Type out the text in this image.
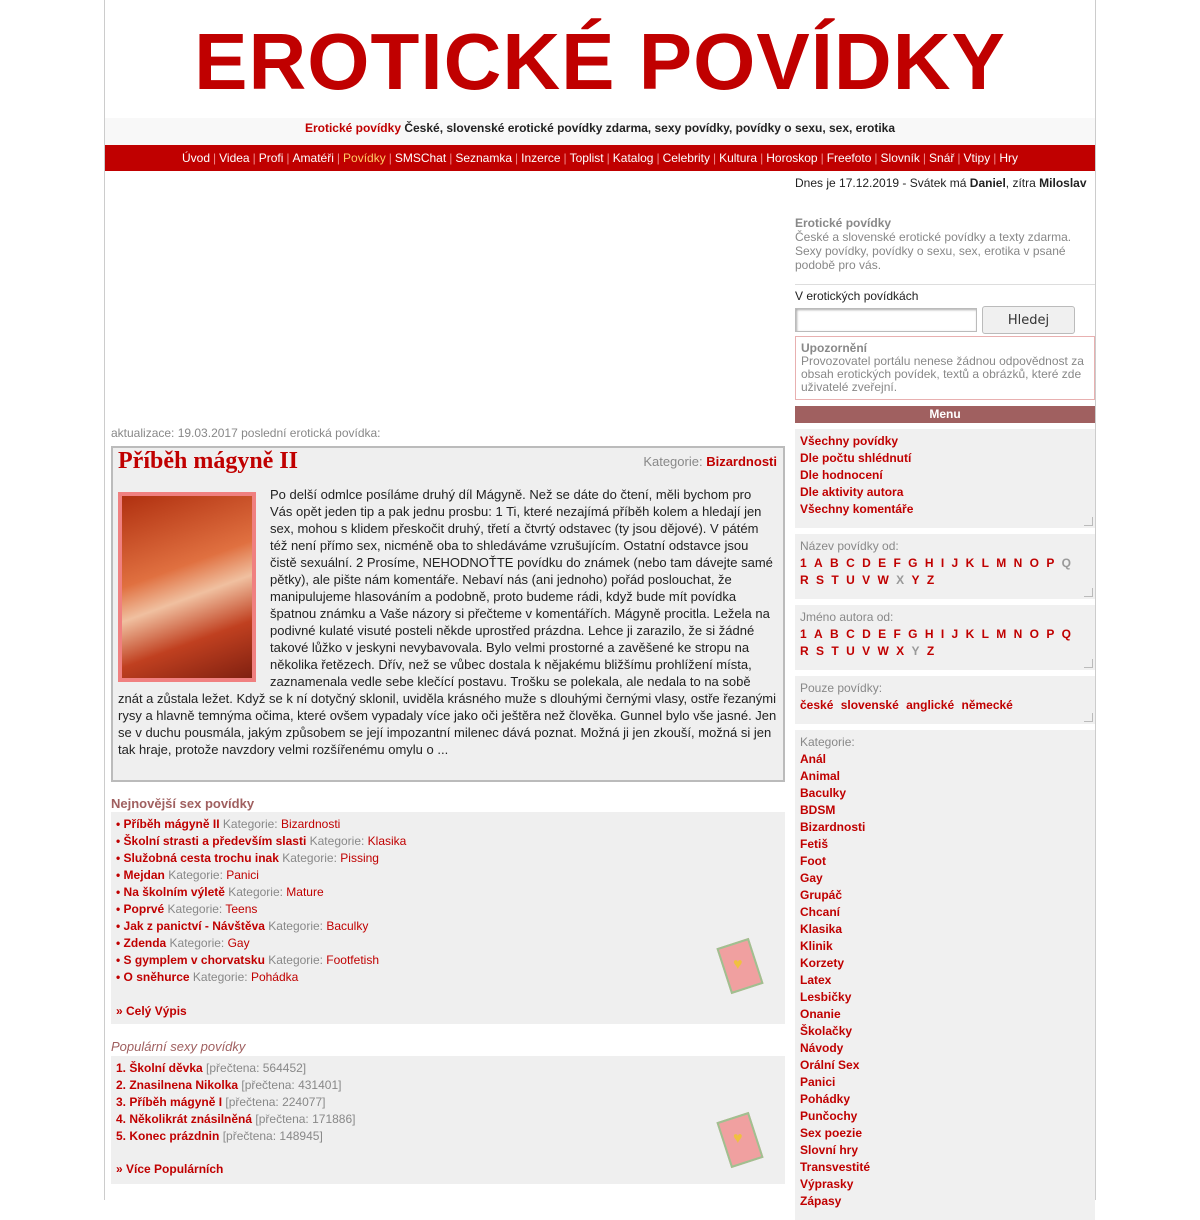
EROTICKÉ POVÍDKY
Erotické povídky České, slovenské erotické povídky zdarma, sexy povídky, povídky o sexu, sex, erotika
Úvod | Videa | Profi | Amatéři | Povídky | SMSChat | Seznamka | Inzerce | Toplist | Katalog | Celebrity | Kultura | Horoskop | Freefoto | Slovník | Snář | Vtipy | Hry
aktualizace: 19.03.2017 poslední erotická povídka:
Příběh mágyně II	Kategorie: Bizardnosti
Po delší odmlce posíláme druhý díl Mágyně. Než se dáte do čtení, měli bychom pro Vás opět jeden tip a pak jednu prosbu: 1 Ti, které nezajímá příběh kolem a hledají jen sex, mohou s klidem přeskočit druhý, třetí a čtvrtý odstavec (ty jsou dějové). V pátém též není přímo sex, nicméně oba to shledáváme vzrušujícím. Ostatní odstavce jsou čistě sexuální. 2 Prosíme, NEHODNOŤTE povídku do známek (nebo tam dávejte samé pětky), ale pište nám komentáře. Nebaví nás (ani jednoho) pořád poslouchat, že manipulujeme hlasováním a podobně, proto budeme rádi, když bude mít povídka špatnou známku a Vaše názory si přečteme v komentářích. Mágyně procitla. Ležela na podivné kulaté visuté posteli někde uprostřed prázdna. Lehce ji zarazilo, že si žádné takové lůžko v jeskyni nevybavovala. Bylo velmi prostorné a zavěšené ke stropu na několika řetězech. Dřív, než se vůbec dostala k nějakému bližšímu prohlížení místa, zaznamenala vedle sebe klečící postavu. Trošku se polekala, ale nedala to na sobě znát a zůstala ležet. Když se k ní dotyčný sklonil, uviděla krásného muže s dlouhými černými vlasy, ostře řezanými rysy a hlavně temnýma očima, které ovšem vypadaly více jako oči ještěra než člověka. Gunnel bylo vše jasné. Jen se v duchu pousmála, jakým způsobem se její impozantní milenec dává poznat. Možná ji jen zkouší, možná si jen tak hraje, protože navzdory velmi rozšířenému omylu o ...
Nejnovější sex povídky
• Příběh mágyně II Kategorie: Bizardnosti
• Školní strasti a především slasti Kategorie: Klasika
• Služobná cesta trochu inak Kategorie: Pissing
• Mejdan Kategorie: Panici
• Na školním výletě Kategorie: Mature
• Poprvé Kategorie: Teens
• Jak z panictví - Návštěva Kategorie: Baculky
• Zdenda Kategorie: Gay
• S gymplem v chorvatsku Kategorie: Footfetish
• O sněhurce Kategorie: Pohádka
» Celý Výpis
♥
Populární sexy povídky
1. Školní děvka [přečtena: 564452]
2. Znasilnena Nikolka [přečtena: 431401]
3. Příběh mágyně I [přečtena: 224077]
4. Několikrát znásilněná [přečtena: 171886]
5. Konec prázdnin [přečtena: 148945]
» Více Populárních
♥
Dnes je 17.12.2019 - Svátek má Daniel, zítra Miloslav
Erotické povídky
České a slovenské erotické povídky a texty zdarma. Sexy povídky, povídky o sexu, sex, erotika v psané podobě pro vás.
V erotických povídkách
Hledej
Upozornění
Provozovatel portálu nenese žádnou odpovědnost za obsah erotických povídek, textů a obrázků, které zde uživatelé zveřejní.
Menu
Všechny povídky
Dle počtu shlédnutí
Dle hodnocení
Dle aktivity autora
Všechny komentáře
Název povídky od:
1 A B C D E F G H I J K L M N O P Q R S T U V W X Y Z
Jméno autora od:
1 A B C D E F G H I J K L M N O P Q R S T U V W X Y Z
Pouze povídky:
české slovenské anglické německé
Kategorie:
Anál
Animal
Baculky
BDSM
Bizardnosti
Fetiš
Foot
Gay
Grupáč
Chcaní
Klasika
Klinik
Korzety
Latex
Lesbičky
Onanie
Školačky
Návody
Orální Sex
Panici
Pohádky
Punčochy
Sex poezie
Slovní hry
Transvestité
Výprasky
Zápasy
